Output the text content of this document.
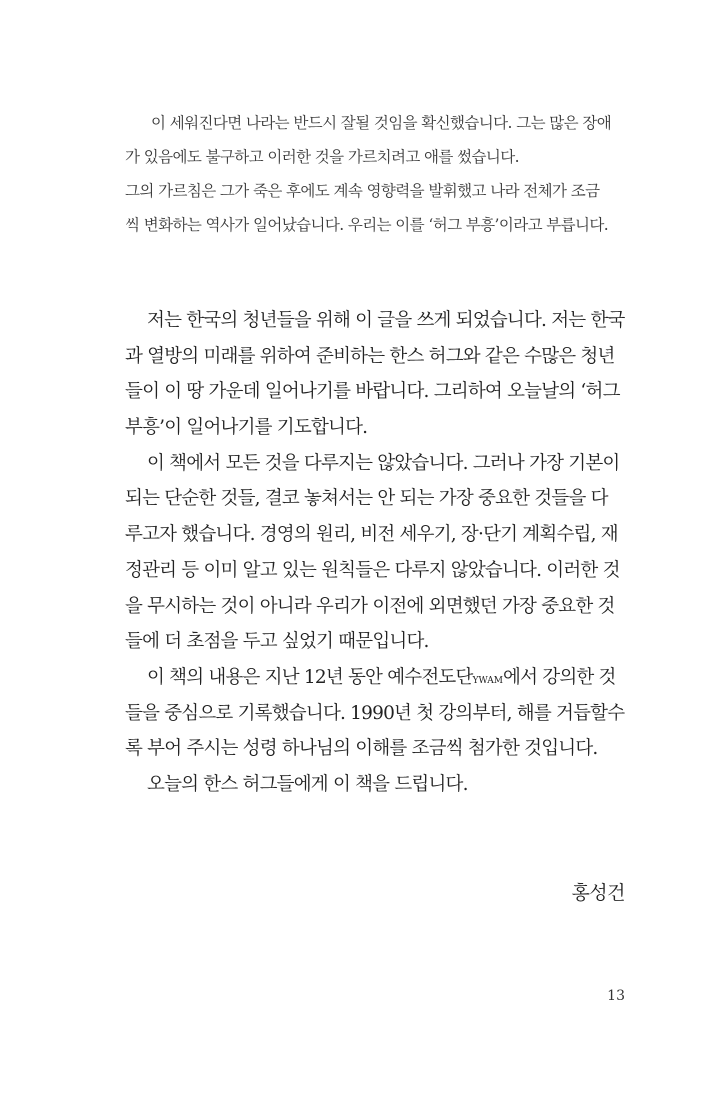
이 세워진다면 나라는 반드시 잘될 것임을 확신했습니다. 그는 많은 장애
가 있음에도 불구하고 이러한 것을 가르치려고 애를 썼습니다.
그의 가르침은 그가 죽은 후에도 계속 영향력을 발휘했고 나라 전체가 조금
씩 변화하는 역사가 일어났습니다. 우리는 이를 ‘허그 부흥’이라고 부릅니다.
저는 한국의 청년들을 위해 이 글을 쓰게 되었습니다. 저는 한국
과 열방의 미래를 위하여 준비하는 한스 허그와 같은 수많은 청년
들이 이 땅 가운데 일어나기를 바랍니다. 그리하여 오늘날의 ‘허그
부흥’이 일어나기를 기도합니다.
이 책에서 모든 것을 다루지는 않았습니다. 그러나 가장 기본이
되는 단순한 것들, 결코 놓쳐서는 안 되는 가장 중요한 것들을 다
루고자 했습니다. 경영의 원리, 비전 세우기, 장·단기 계획수립, 재
정관리 등 이미 알고 있는 원칙들은 다루지 않았습니다. 이러한 것
을 무시하는 것이 아니라 우리가 이전에 외면했던 가장 중요한 것
들에 더 초점을 두고 싶었기 때문입니다.
이 책의 내용은 지난 12년 동안 예수전도단YWAM에서 강의한 것
들을 중심으로 기록했습니다. 1990년 첫 강의부터, 해를 거듭할수
록 부어 주시는 성령 하나님의 이해를 조금씩 첨가한 것입니다.
오늘의 한스 허그들에게 이 책을 드립니다.
홍성건
13
